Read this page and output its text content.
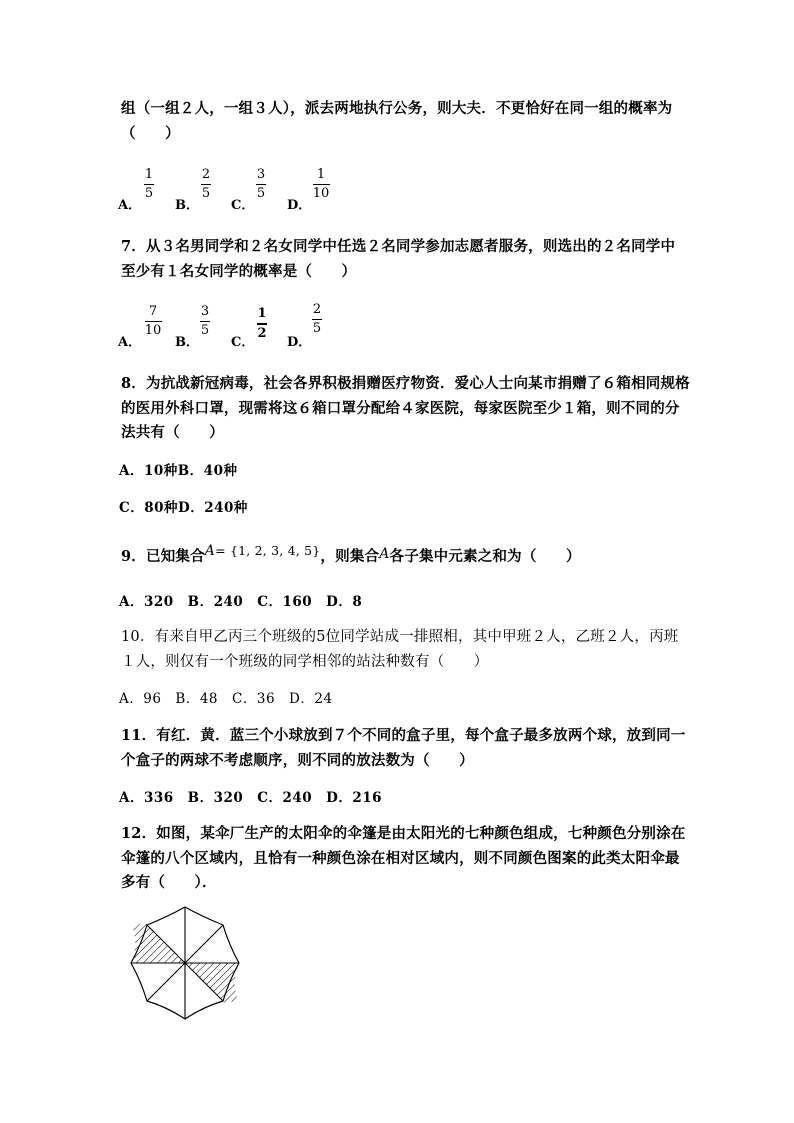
组（一组２人，一组３人），派去两地执行公务，则大夫．不更恰好在同一组的概率为
（　　）
A．
1
5
B．
2
5
C．
3
5
D．
1
10
7．从３名男同学和２名女同学中任选２名同学参加志愿者服务，则选出的２名同学中
至少有１名女同学的概率是（　　）
A．
7
10
B．
3
5
C．
1
2
D．
2
5
8．为抗战新冠病毒，社会各界积极捐赠医疗物资．爱心人士向某市捐赠了６箱相同规格
的医用外科口罩，现需将这６箱口罩分配给４家医院，每家医院至少１箱，则不同的分
法共有（　　）
A．10种B．40种
C．80种D．240种
9．已知集合A= {1, 2, 3, 4, 5}，则集合A各子集中元素之和为（　　）
A．320　B．240　C．160　D．8
10．有来自甲乙丙三个班级的5位同学站成一排照相，其中甲班２人，乙班２人，丙班
１人，则仅有一个班级的同学相邻的站法种数有（　　）
A．96　B．48　C．36　D．24
11．有红．黄．蓝三个小球放到７个不同的盒子里，每个盒子最多放两个球，放到同一
个盒子的两球不考虑顺序，则不同的放法数为（　　）
A．336　B．320　C．240　D．216
12．如图，某伞厂生产的太阳伞的伞篷是由太阳光的七种颜色组成，七种颜色分别涂在
伞篷的八个区域内，且恰有一种颜色涂在相对区域内，则不同颜色图案的此类太阳伞最
多有（　　）．
